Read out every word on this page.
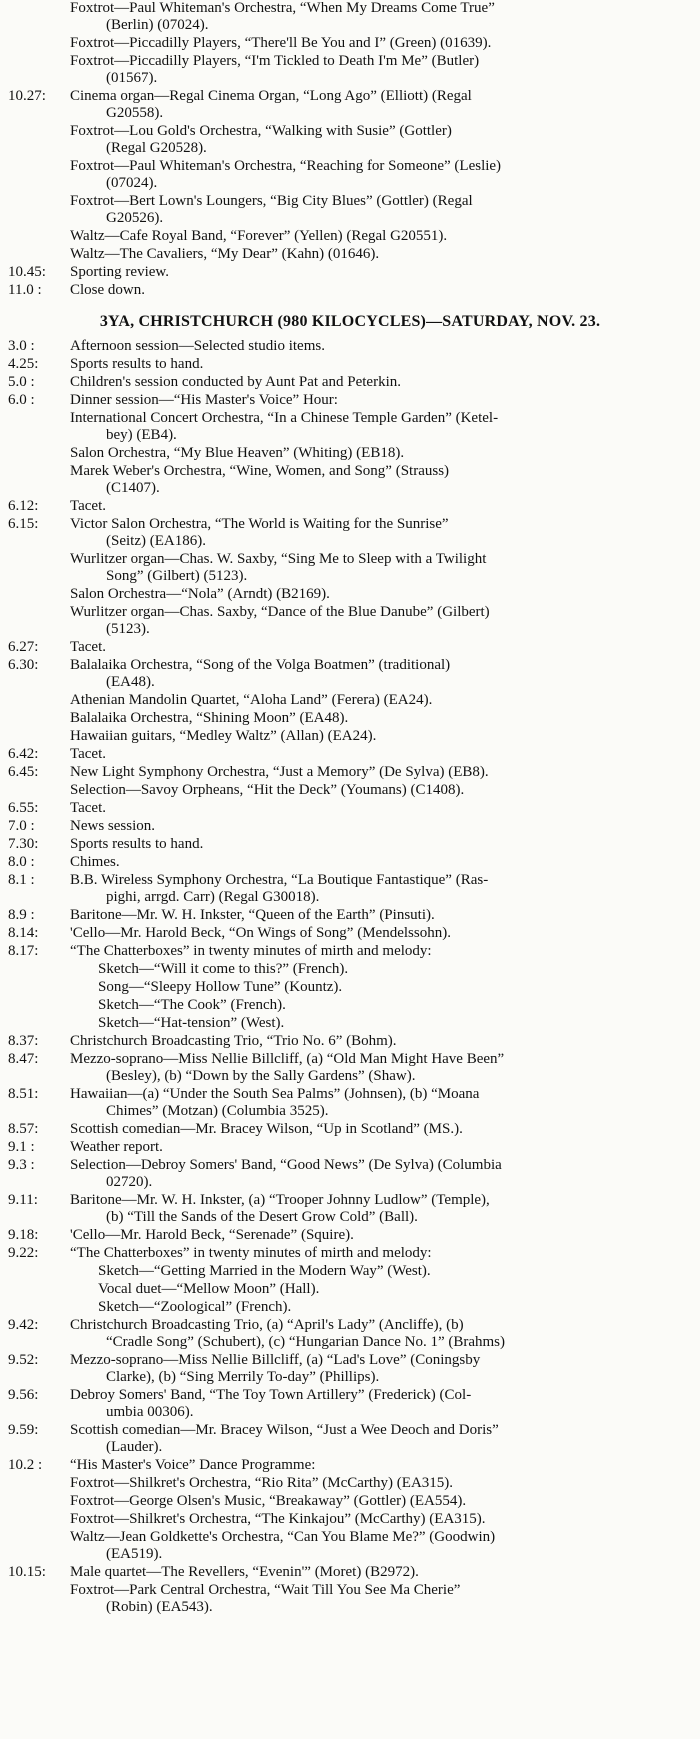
Foxtrot—Paul Whiteman's Orchestra, “When My Dreams Come True”
(Berlin) (07024).
Foxtrot—Piccadilly Players, “There'll Be You and I” (Green) (01639).
Foxtrot—Piccadilly Players, “I'm Tickled to Death I'm Me” (Butler)
(01567).
10.27:	Cinema organ—Regal Cinema Organ, “Long Ago” (Elliott) (Regal
G20558).
Foxtrot—Lou Gold's Orchestra, “Walking with Susie” (Gottler)
(Regal G20528).
Foxtrot—Paul Whiteman's Orchestra, “Reaching for Someone” (Leslie)
(07024).
Foxtrot—Bert Lown's Loungers, “Big City Blues” (Gottler) (Regal
G20526).
Waltz—Cafe Royal Band, “Forever” (Yellen) (Regal G20551).
Waltz—The Cavaliers, “My Dear” (Kahn) (01646).
10.45:	Sporting review.
11.0 :	Close down.
3YA, CHRISTCHURCH (980 KILOCYCLES)—SATURDAY, NOV. 23.
3.0 :	Afternoon session—Selected studio items.
4.25:	Sports results to hand.
5.0 :	Children's session conducted by Aunt Pat and Peterkin.
6.0 :	Dinner session—“His Master's Voice” Hour:
International Concert Orchestra, “In a Chinese Temple Garden” (Ketel-
bey) (EB4).
Salon Orchestra, “My Blue Heaven” (Whiting) (EB18).
Marek Weber's Orchestra, “Wine, Women, and Song” (Strauss)
(C1407).
6.12:	Tacet.
6.15:	Victor Salon Orchestra, “The World is Waiting for the Sunrise”
(Seitz) (EA186).
Wurlitzer organ—Chas. W. Saxby, “Sing Me to Sleep with a Twilight
Song” (Gilbert) (5123).
Salon Orchestra—“Nola” (Arndt) (B2169).
Wurlitzer organ—Chas. Saxby, “Dance of the Blue Danube” (Gilbert)
(5123).
6.27:	Tacet.
6.30:	Balalaika Orchestra, “Song of the Volga Boatmen” (traditional)
(EA48).
Athenian Mandolin Quartet, “Aloha Land” (Ferera) (EA24).
Balalaika Orchestra, “Shining Moon” (EA48).
Hawaiian guitars, “Medley Waltz” (Allan) (EA24).
6.42:	Tacet.
6.45:	New Light Symphony Orchestra, “Just a Memory” (De Sylva) (EB8).
Selection—Savoy Orpheans, “Hit the Deck” (Youmans) (C1408).
6.55:	Tacet.
7.0 :	News session.
7.30:	Sports results to hand.
8.0 :	Chimes.
8.1 :	B.B. Wireless Symphony Orchestra, “La Boutique Fantastique” (Ras-
pighi, arrgd. Carr) (Regal G30018).
8.9 :	Baritone—Mr. W. H. Inkster, “Queen of the Earth” (Pinsuti).
8.14:	'Cello—Mr. Harold Beck, “On Wings of Song” (Mendelssohn).
8.17:	“The Chatterboxes” in twenty minutes of mirth and melody:
Sketch—“Will it come to this?” (French).
Song—“Sleepy Hollow Tune” (Kountz).
Sketch—“The Cook” (French).
Sketch—“Hat-tension” (West).
8.37:	Christchurch Broadcasting Trio, “Trio No. 6” (Bohm).
8.47:	Mezzo-soprano—Miss Nellie Billcliff, (a) “Old Man Might Have Been”
(Besley), (b) “Down by the Sally Gardens” (Shaw).
8.51:	Hawaiian—(a) “Under the South Sea Palms” (Johnsen), (b) “Moana
Chimes” (Motzan) (Columbia 3525).
8.57:	Scottish comedian—Mr. Bracey Wilson, “Up in Scotland” (MS.).
9.1 :	Weather report.
9.3 :	Selection—Debroy Somers' Band, “Good News” (De Sylva) (Columbia
02720).
9.11:	Baritone—Mr. W. H. Inkster, (a) “Trooper Johnny Ludlow” (Temple),
(b) “Till the Sands of the Desert Grow Cold” (Ball).
9.18:	'Cello—Mr. Harold Beck, “Serenade” (Squire).
9.22:	“The Chatterboxes” in twenty minutes of mirth and melody:
Sketch—“Getting Married in the Modern Way” (West).
Vocal duet—“Mellow Moon” (Hall).
Sketch—“Zoological” (French).
9.42:	Christchurch Broadcasting Trio, (a) “April's Lady” (Ancliffe), (b)
“Cradle Song” (Schubert), (c) “Hungarian Dance No. 1” (Brahms)
9.52:	Mezzo-soprano—Miss Nellie Billcliff, (a) “Lad's Love” (Coningsby
Clarke), (b) “Sing Merrily To-day” (Phillips).
9.56:	Debroy Somers' Band, “The Toy Town Artillery” (Frederick) (Col-
umbia 00306).
9.59:	Scottish comedian—Mr. Bracey Wilson, “Just a Wee Deoch and Doris”
(Lauder).
10.2 :	“His Master's Voice” Dance Programme:
Foxtrot—Shilkret's Orchestra, “Rio Rita” (McCarthy) (EA315).
Foxtrot—George Olsen's Music, “Breakaway” (Gottler) (EA554).
Foxtrot—Shilkret's Orchestra, “The Kinkajou” (McCarthy) (EA315).
Waltz—Jean Goldkette's Orchestra, “Can You Blame Me?” (Goodwin)
(EA519).
10.15:	Male quartet—The Revellers, “Evenin'” (Moret) (B2972).
Foxtrot—Park Central Orchestra, “Wait Till You See Ma Cherie”
(Robin) (EA543).
